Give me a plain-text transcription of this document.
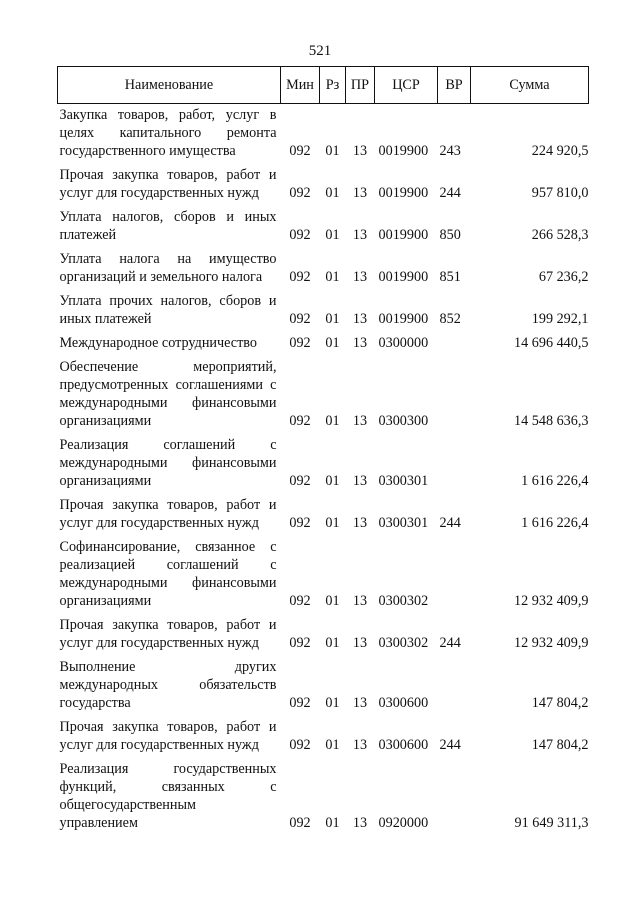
521
Наименование	Мин	Рз	ПР	ЦСР	ВР	Сумма
Закупка товаров, работ, услуг в целях капитального ремонта государственного имущества	092	01	13	0019900	243	224 920,5
Прочая закупка товаров, работ и услуг для государственных нужд	092	01	13	0019900	244	957 810,0
Уплата налогов, сборов и иных платежей	092	01	13	0019900	850	266 528,3
Уплата налога на имущество организаций и земельного налога	092	01	13	0019900	851	67 236,2
Уплата прочих налогов, сборов и иных платежей	092	01	13	0019900	852	199 292,1
Международное сотрудничество	092	01	13	0300000		14 696 440,5
Обеспечение мероприятий, предусмотренных соглашениями с международными финансовыми организациями	092	01	13	0300300		14 548 636,3
Реализация соглашений с международными финансовыми организациями	092	01	13	0300301		1 616 226,4
Прочая закупка товаров, работ и услуг для государственных нужд	092	01	13	0300301	244	1 616 226,4
Софинансирование, связанное с реализацией соглашений с международными финансовыми организациями	092	01	13	0300302		12 932 409,9
Прочая закупка товаров, работ и услуг для государственных нужд	092	01	13	0300302	244	12 932 409,9
Выполнение других международных обязательств государства	092	01	13	0300600		147 804,2
Прочая закупка товаров, работ и услуг для государственных нужд	092	01	13	0300600	244	147 804,2
Реализация государственных функций, связанных с общегосударственным управлением	092	01	13	0920000		91 649 311,3
